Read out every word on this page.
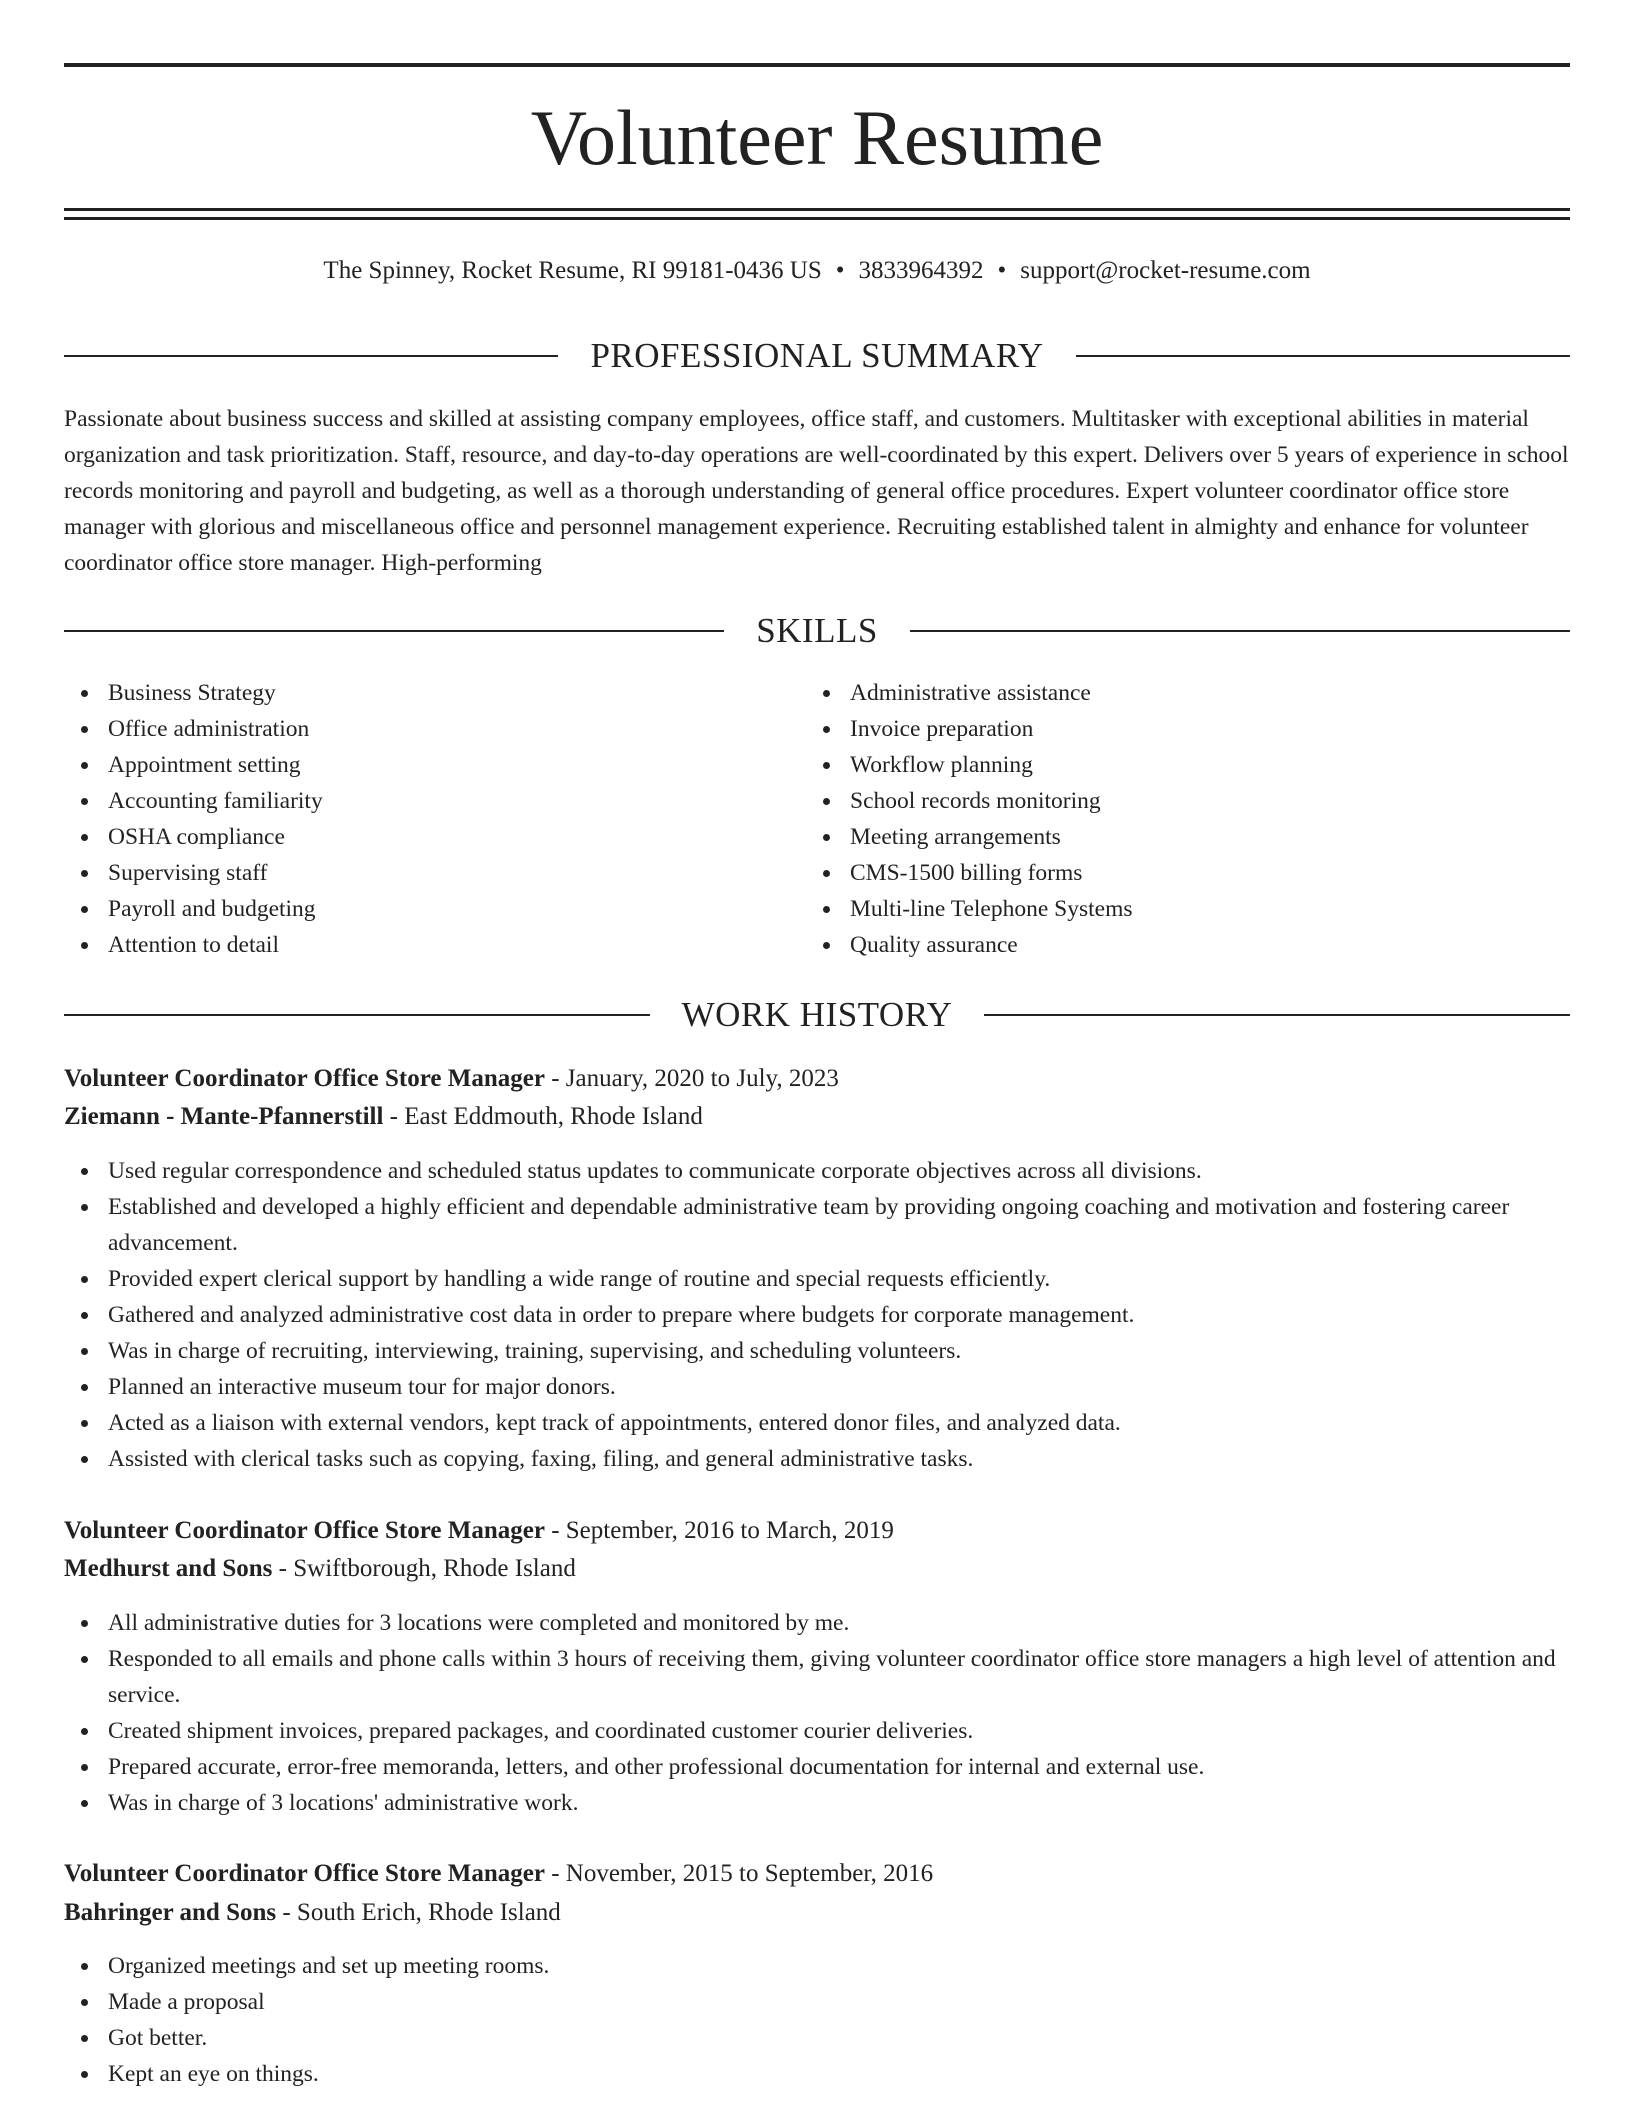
Volunteer Resume
The Spinney, Rocket Resume, RI 99181-0436 US • 3833964392 • support@rocket-resume.com
PROFESSIONAL SUMMARY

Passionate about business success and skilled at assisting company employees, office staff, and customers. Multitasker with exceptional abilities in material organization and task prioritization. Staff, resource, and day-to-day operations are well-coordinated by this expert. Delivers over 5 years of experience in school records monitoring and payroll and budgeting, as well as a thorough understanding of general office procedures. Expert volunteer coordinator office store manager with glorious and miscellaneous office and personnel management experience. Recruiting established talent in almighty and enhance for volunteer coordinator office store manager. High-performing

SKILLS
Business Strategy
Office administration
Appointment setting
Accounting familiarity
OSHA compliance
Supervising staff
Payroll and budgeting
Attention to detail
Administrative assistance
Invoice preparation
Workflow planning
School records monitoring
Meeting arrangements
CMS-1500 billing forms
Multi-line Telephone Systems
Quality assurance
WORK HISTORY
Volunteer Coordinator Office Store Manager - January, 2020 to July, 2023
Ziemann - Mante-Pfannerstill - East Eddmouth, Rhode Island
Used regular correspondence and scheduled status updates to communicate corporate objectives across all divisions.
Established and developed a highly efficient and dependable administrative team by providing ongoing coaching and motivation and fostering career advancement.
Provided expert clerical support by handling a wide range of routine and special requests efficiently.
Gathered and analyzed administrative cost data in order to prepare where budgets for corporate management.
Was in charge of recruiting, interviewing, training, supervising, and scheduling volunteers.
Planned an interactive museum tour for major donors.
Acted as a liaison with external vendors, kept track of appointments, entered donor files, and analyzed data.
Assisted with clerical tasks such as copying, faxing, filing, and general administrative tasks.
Volunteer Coordinator Office Store Manager - September, 2016 to March, 2019
Medhurst and Sons - Swiftborough, Rhode Island
All administrative duties for 3 locations were completed and monitored by me.
Responded to all emails and phone calls within 3 hours of receiving them, giving volunteer coordinator office store managers a high level of attention and service.
Created shipment invoices, prepared packages, and coordinated customer courier deliveries.
Prepared accurate, error-free memoranda, letters, and other professional documentation for internal and external use.
Was in charge of 3 locations' administrative work.
Volunteer Coordinator Office Store Manager - November, 2015 to September, 2016
Bahringer and Sons - South Erich, Rhode Island
Organized meetings and set up meeting rooms.
Made a proposal
Got better.
Kept an eye on things.
